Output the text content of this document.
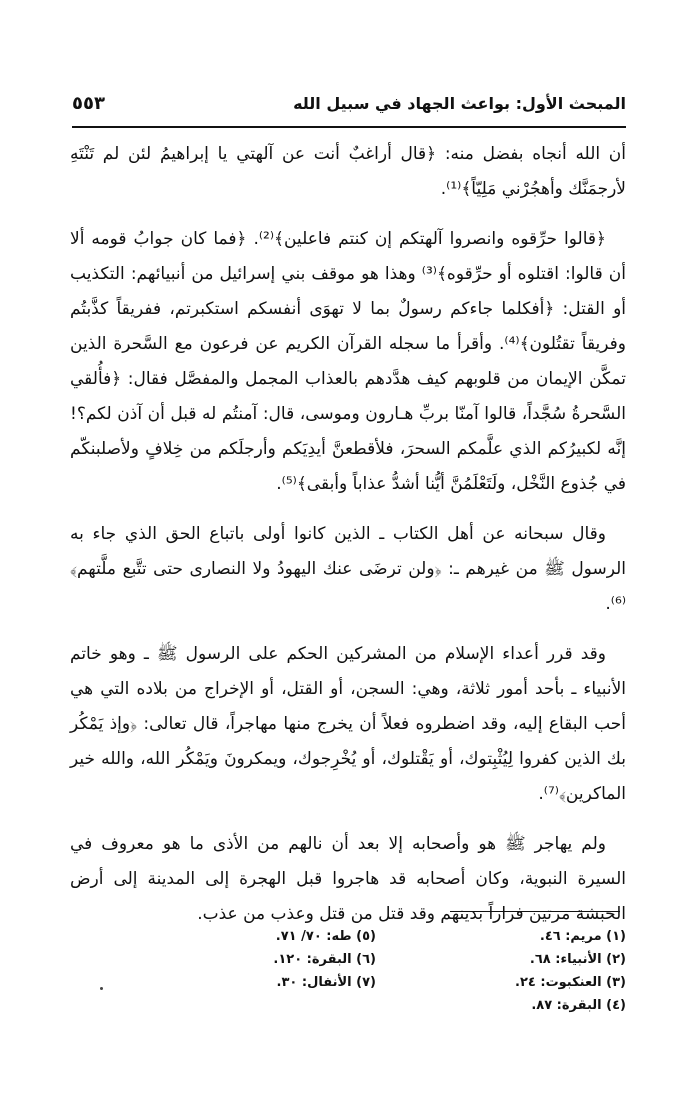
المبحث الأول: بواعث الجهاد في سبيل الله
٥٥٣

أن الله أنجاه بفضل منه: ﴿قال أراغبٌ أنت عن آلهتي يا إبراهيمُ لئن لم تَنْتَهِ لأرجمَنَّك وأهجُرْني مَلِيّاً﴾⁽¹⁾.

﴿قالوا حرِّقوه وانصروا آلهتكم إن كنتم فاعلين﴾⁽²⁾. ﴿فما كان جوابُ قومه ألا أن قالوا: اقتلوه أو حرِّقوه﴾⁽³⁾ وهذا هو موقف بني إسرائيل من أنبيائهم: التكذيب أو القتل: ﴿أفكلما جاءكم رسولٌ بما لا تهوَى أنفسكم استكبرتم، ففريقاً كذَّبتُم وفريقاً تقتُلون﴾⁽⁴⁾. وأقرأ ما سجله القرآن الكريم عن فرعون مع السَّحرة الذين تمكَّن الإيمان من قلوبهم كيف هدَّدهم بالعذاب المجمل والمفصَّل فقال: ﴿فأُلقي السَّحرةُ سُجَّداً، قالوا آمنّا بربِّ هـارون وموسى، قال: آمنتُم له قبل أن آذن لكم؟! إنَّه لكبيرُكم الذي علَّمكم السحرَ، فلأقطعنَّ أيدِيَكم وأرجلَكم من خِلافٍ ولأصلبنكّم في جُذوع النَّخْل، ولَتَعْلَمُنَّ أيُّنا أشدُّ عذاباً وأبقى﴾⁽⁵⁾.

وقال سبحانه عن أهل الكتاب ـ الذين كانوا أولى باتباع الحق الذي جاء به الرسول ﷺ من غيرهم ـ: ﴿ولن ترضَى عنك اليهودُ ولا النصارى حتى تتَّبع ملَّتهم﴾⁽⁶⁾.

وقد قرر أعداء الإسلام من المشركين الحكم على الرسول ﷺ ـ وهو خاتم الأنبياء ـ بأحد أمور ثلاثة، وهي: السجن، أو القتل، أو الإخراج من بلاده التي هي أحب البقاع إليه، وقد اضطروه فعلاً أن يخرج منها مهاجراً، قال تعالى: ﴿وإذ يَمْكُر بك الذين كفروا لِيُثْبِتوك، أو يَقْتلوك، أو يُخْرِجوك، ويمكرونَ ويَمْكُر الله، والله خير الماكرين﴾⁽⁷⁾.

ولم يهاجر ﷺ هو وأصحابه إلا بعد أن نالهم من الأذى ما هو معروف في السيرة النبوية، وكان أصحابه قد هاجروا قبل الهجرة إلى المدينة إلى أرض الحبشة مرتين فراراً بدينهم وقد قتل من قتل وعذب من عذب.

(١) مريم: ٤٦.
(٢) الأنبياء: ٦٨.
(٣) العنكبوت: ٢٤.
(٤) البقرة: ٨٧.
(٥) طه: ٧٠/ ٧١.
(٦) البقرة: ١٢٠.
(٧) الأنفال: ٣٠.
